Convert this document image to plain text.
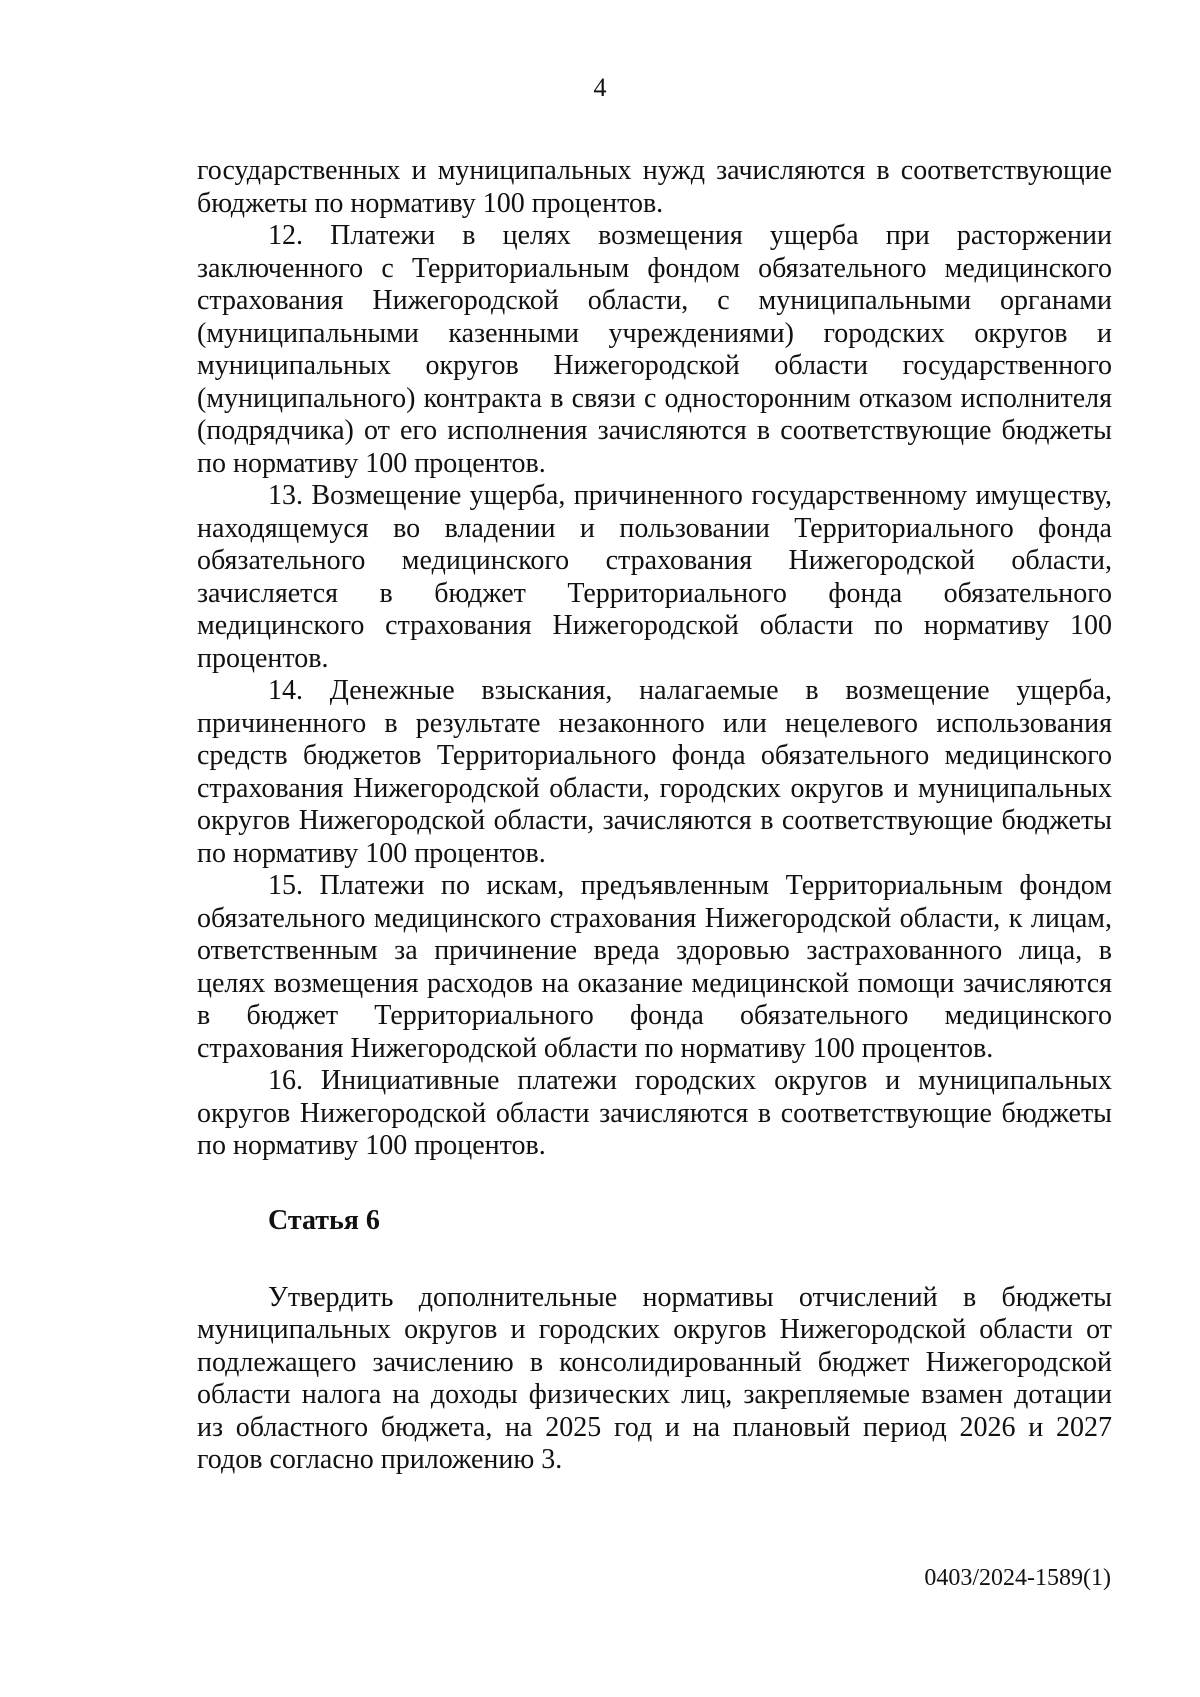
4

государственных и муниципальных нужд зачисляются в соответствующие бюджеты по нормативу 100 процентов.

12. Платежи в целях возмещения ущерба при расторжении заключенного с Территориальным фондом обязательного медицинского страхования Нижегородской области, с муниципальными органами (муниципальными казенными учреждениями) городских округов и муниципальных округов Нижегородской области государственного (муниципального) контракта в связи с односторонним отказом исполнителя (подрядчика) от его исполнения зачисляются в соответствующие бюджеты по нормативу 100 процентов.

13. Возмещение ущерба, причиненного государственному имуществу, находящемуся во владении и пользовании Территориального фонда обязательного медицинского страхования Нижегородской области, зачисляется в бюджет Территориального фонда обязательного медицинского страхования Нижегородской области по нормативу 100 процентов.

14. Денежные взыскания, налагаемые в возмещение ущерба, причиненного в результате незаконного или нецелевого использования средств бюджетов Территориального фонда обязательного медицинского страхования Нижегородской области, городских округов и муниципальных округов Нижегородской области, зачисляются в соответствующие бюджеты по нормативу 100 процентов.

15. Платежи по искам, предъявленным Территориальным фондом обязательного медицинского страхования Нижегородской области, к лицам, ответственным за причинение вреда здоровью застрахованного лица, в целях возмещения расходов на оказание медицинской помощи зачисляются в бюджет Территориального фонда обязательного медицинского страхования Нижегородской области по нормативу 100 процентов.

16. Инициативные платежи городских округов и муниципальных округов Нижегородской области зачисляются в соответствующие бюджеты по нормативу 100 процентов.

Статья 6

Утвердить дополнительные нормативы отчислений в бюджеты муниципальных округов и городских округов Нижегородской области от подлежащего зачислению в консолидированный бюджет Нижегородской области налога на доходы физических лиц, закрепляемые взамен дотации из областного бюджета, на 2025 год и на плановый период 2026 и 2027 годов согласно приложению 3.

0403/2024-1589(1)
